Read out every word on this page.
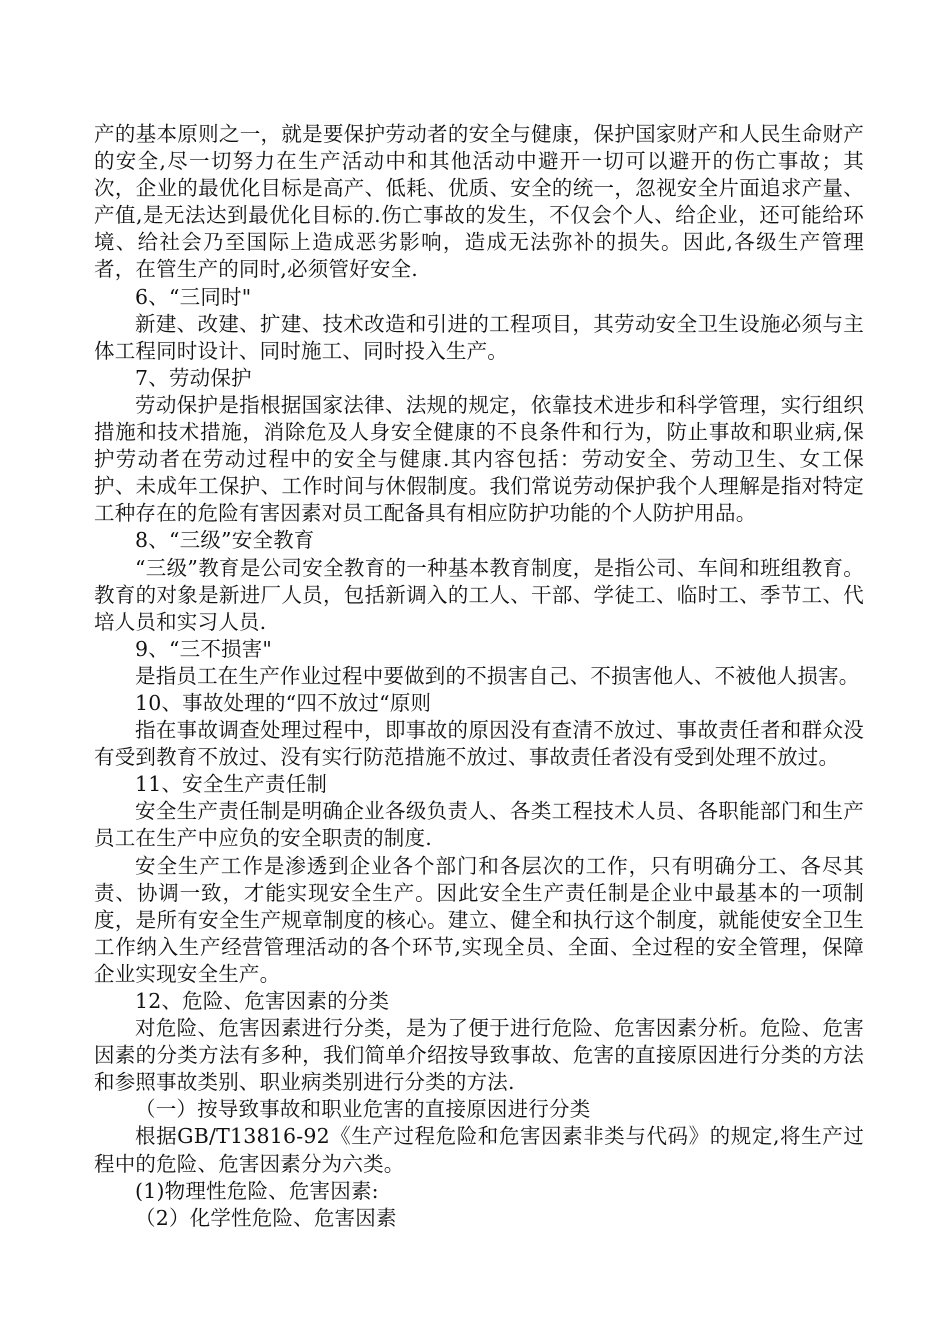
产的基本原则之一，就是要保护劳动者的安全与健康，保护国家财产和人民生命财产的安全,尽一切努力在生产活动中和其他活动中避开一切可以避开的伤亡事故；其次，企业的最优化目标是高产、低耗、优质、安全的统一，忽视安全片面追求产量、产值,是无法达到最优化目标的.伤亡事故的发生，不仅会个人、给企业，还可能给环境、给社会乃至国际上造成恶劣影响，造成无法弥补的损失。因此,各级生产管理者，在管生产的同时,必须管好安全.

6、“三同时"

新建、改建、扩建、技术改造和引进的工程项目，其劳动安全卫生设施必须与主体工程同时设计、同时施工、同时投入生产。

7、劳动保护

劳动保护是指根据国家法律、法规的规定，依靠技术进步和科学管理，实行组织措施和技术措施，消除危及人身安全健康的不良条件和行为，防止事故和职业病,保护劳动者在劳动过程中的安全与健康.其内容包括：劳动安全、劳动卫生、女工保护、未成年工保护、工作时间与休假制度。我们常说劳动保护我个人理解是指对特定工种存在的危险有害因素对员工配备具有相应防护功能的个人防护用品。

8、“三级”安全教育

“三级”教育是公司安全教育的一种基本教育制度，是指公司、车间和班组教育。教育的对象是新进厂人员，包括新调入的工人、干部、学徒工、临时工、季节工、代培人员和实习人员.

9、“三不损害"

是指员工在生产作业过程中要做到的不损害自己、不损害他人、不被他人损害。

10、事故处理的“四不放过“原则

指在事故调查处理过程中，即事故的原因没有查清不放过、事故责任者和群众没有受到教育不放过、没有实行防范措施不放过、事故责任者没有受到处理不放过。

11、安全生产责任制

安全生产责任制是明确企业各级负责人、各类工程技术人员、各职能部门和生产员工在生产中应负的安全职责的制度.

安全生产工作是渗透到企业各个部门和各层次的工作，只有明确分工、各尽其责、协调一致，才能实现安全生产。因此安全生产责任制是企业中最基本的一项制度，是所有安全生产规章制度的核心。建立、健全和执行这个制度，就能使安全卫生工作纳入生产经营管理活动的各个环节,实现全员、全面、全过程的安全管理，保障企业实现安全生产。

12、危险、危害因素的分类

对危险、危害因素进行分类，是为了便于进行危险、危害因素分析。危险、危害因素的分类方法有多种，我们简单介绍按导致事故、危害的直接原因进行分类的方法和参照事故类别、职业病类别进行分类的方法.

（一）按导致事故和职业危害的直接原因进行分类

根据GB/T13816-92《生产过程危险和危害因素非类与代码》的规定,将生产过程中的危险、危害因素分为六类。

(1)物理性危险、危害因素:

（2）化学性危险、危害因素
